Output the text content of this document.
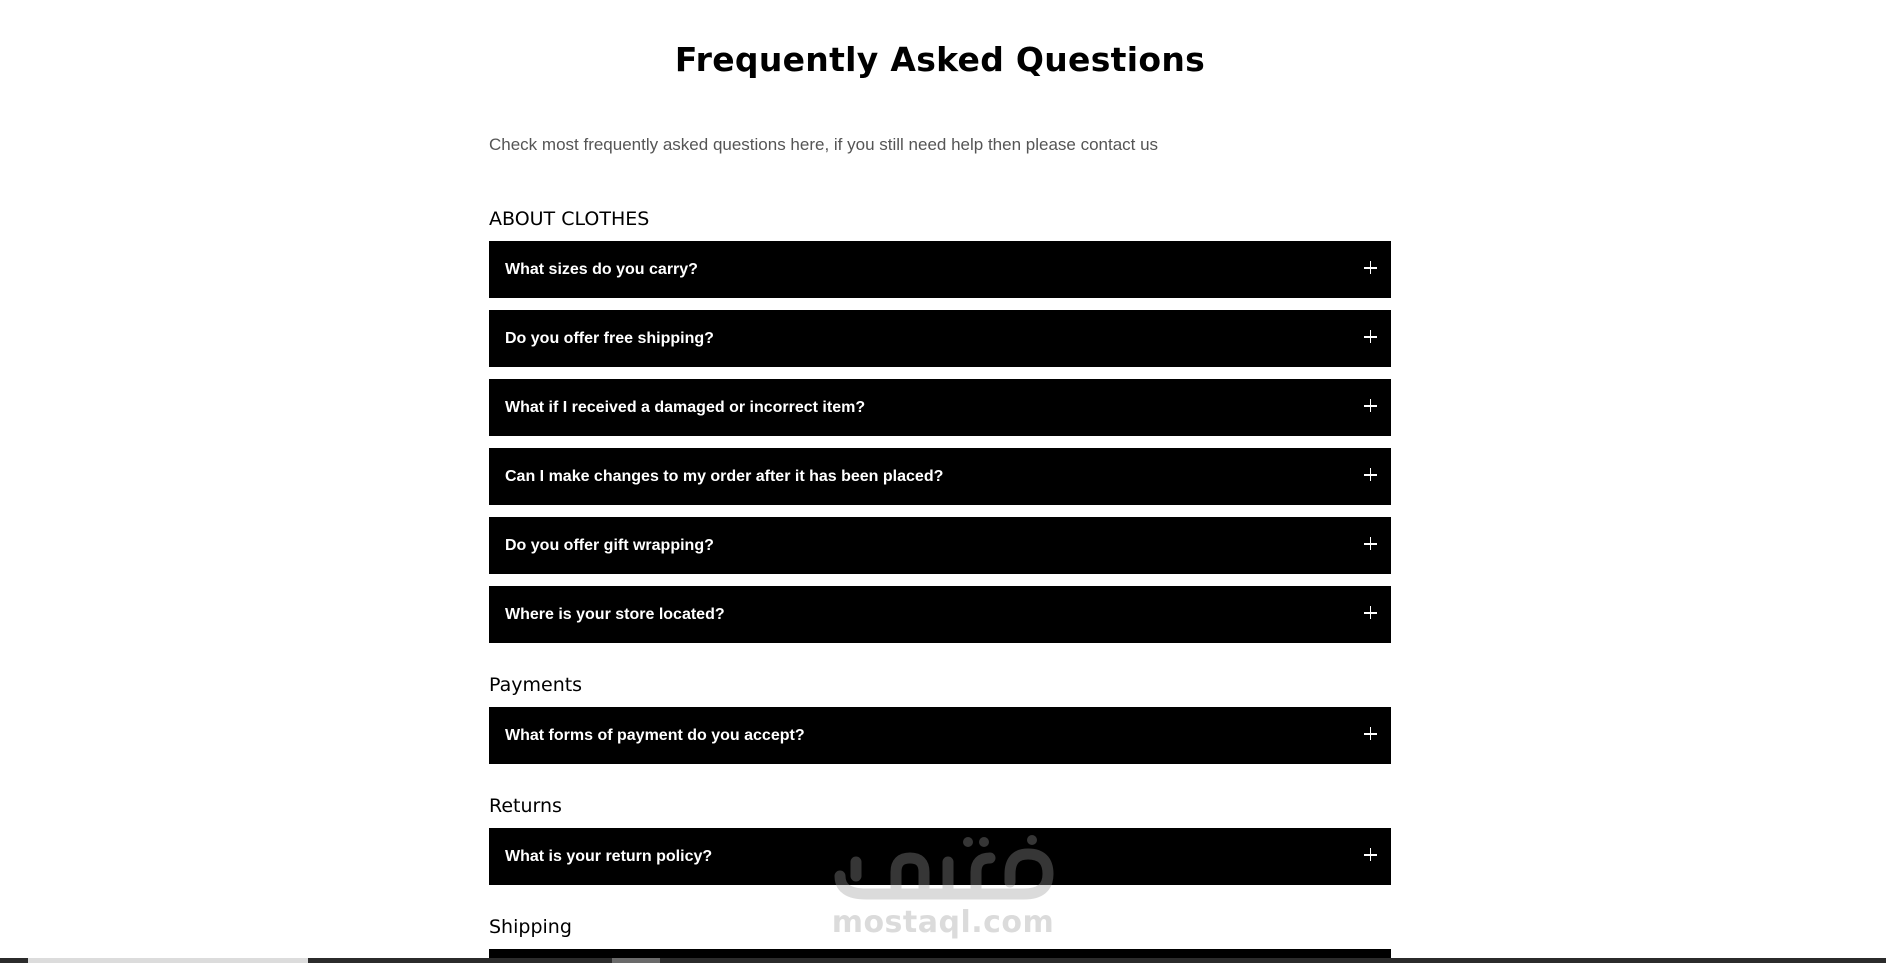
Frequently Asked Questions

Check most frequently asked questions here, if you still need help then please contact us

ABOUT CLOTHES
What sizes do you carry?
Do you offer free shipping?
What if I received a damaged or incorrect item?
Can I make changes to my order after it has been placed?
Do you offer gift wrapping?
Where is your store located?
Payments
What forms of payment do you accept?
Returns
What is your return policy?
Shipping	mostaql.com
